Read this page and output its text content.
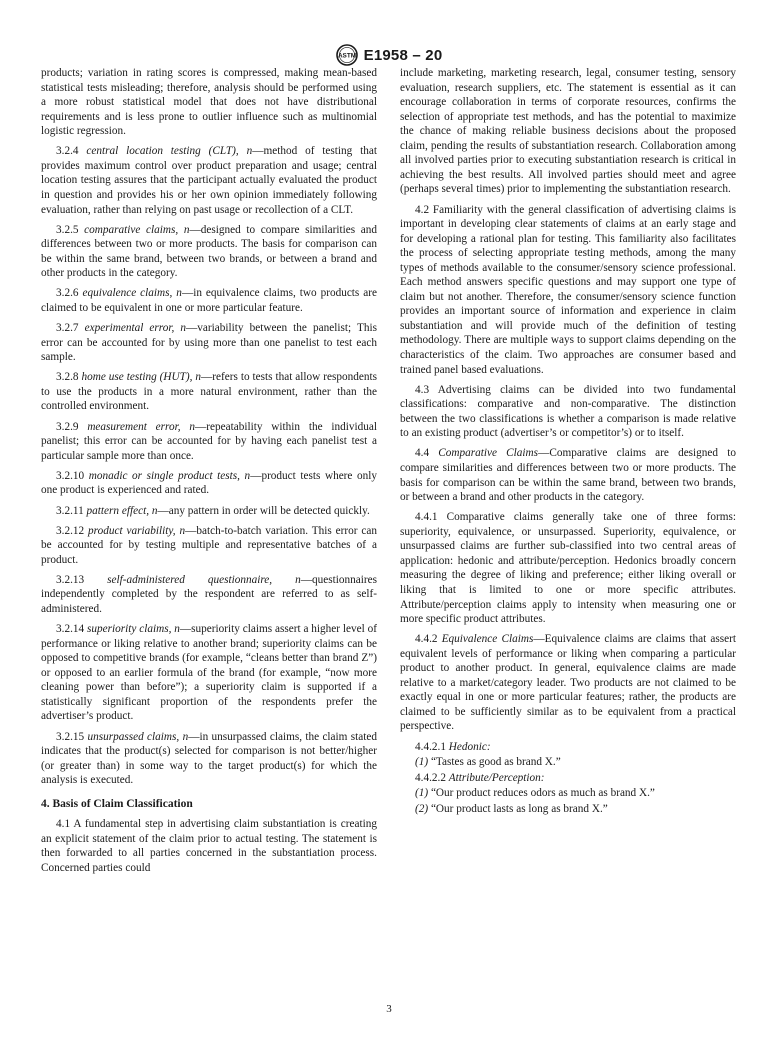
ASTM E1958 – 20

products; variation in rating scores is compressed, making mean-based statistical tests misleading; therefore, analysis should be performed using a more robust statistical model that does not have distributional requirements and is less prone to outlier influence such as multinomial logistic regression.

3.2.4 central location testing (CLT), n—method of testing that provides maximum control over product preparation and usage; central location testing assures that the participant actually evaluated the product in question and provides his or her own opinion immediately following evaluation, rather than relying on past usage or recollection of a CLT.

3.2.5 comparative claims, n—designed to compare similarities and differences between two or more products. The basis for comparison can be within the same brand, between two brands, or between a brand and other products in the category.

3.2.6 equivalence claims, n—in equivalence claims, two products are claimed to be equivalent in one or more particular feature.

3.2.7 experimental error, n—variability between the panelist; This error can be accounted for by using more than one panelist to test each sample.

3.2.8 home use testing (HUT), n—refers to tests that allow respondents to use the products in a more natural environment, rather than the controlled environment.

3.2.9 measurement error, n—repeatability within the individual panelist; this error can be accounted for by having each panelist test a particular sample more than once.

3.2.10 monadic or single product tests, n—product tests where only one product is experienced and rated.

3.2.11 pattern effect, n—any pattern in order will be detected quickly.

3.2.12 product variability, n—batch-to-batch variation. This error can be accounted for by testing multiple and representative batches of a product.

3.2.13 self-administered questionnaire, n—questionnaires independently completed by the respondent are referred to as self-administered.

3.2.14 superiority claims, n—superiority claims assert a higher level of performance or liking relative to another brand; superiority claims can be opposed to competitive brands (for example, “cleans better than brand Z”) or opposed to an earlier formula of the brand (for example, “now more cleaning power than before”); a superiority claim is supported if a statistically significant proportion of the respondents prefer the advertiser’s product.

3.2.15 unsurpassed claims, n—in unsurpassed claims, the claim stated indicates that the product(s) selected for comparison is not better/higher (or greater than) in some way to the target product(s) for which the analysis is executed.

4. Basis of Claim Classification

4.1 A fundamental step in advertising claim substantiation is creating an explicit statement of the claim prior to actual testing. The statement is then forwarded to all parties concerned in the substantiation process. Concerned parties could

include marketing, marketing research, legal, consumer testing, sensory evaluation, research suppliers, etc. The statement is essential as it can encourage collaboration in terms of corporate resources, confirms the selection of appropriate test methods, and has the potential to maximize the chance of making reliable business decisions about the proposed claim, pending the results of substantiation research. Collaboration among all involved parties prior to executing substantiation research is critical in achieving the best results. All involved parties should meet and agree (perhaps several times) prior to implementing the substantiation research.

4.2 Familiarity with the general classification of advertising claims is important in developing clear statements of claims at an early stage and for developing a rational plan for testing. This familiarity also facilitates the process of selecting appropriate testing methods, among the many types of methods available to the consumer/sensory science professional. Each method answers specific questions and may support one type of claim but not another. Therefore, the consumer/sensory science function provides an important source of information and experience in claim substantiation and will provide much of the definition of testing methodology. There are multiple ways to support claims depending on the characteristics of the claim. Two approaches are consumer based and trained panel based evaluations.

4.3 Advertising claims can be divided into two fundamental classifications: comparative and non-comparative. The distinction between the two classifications is whether a comparison is made relative to an existing product (advertiser’s or competitor’s) or to itself.

4.4 Comparative Claims—Comparative claims are designed to compare similarities and differences between two or more products. The basis for comparison can be within the same brand, between two brands, or between a brand and other products in the category.

4.4.1 Comparative claims generally take one of three forms: superiority, equivalence, or unsurpassed. Superiority, equivalence, or unsurpassed claims are further sub-classified into two central areas of application: hedonic and attribute/perception. Hedonics broadly concern measuring the degree of liking and preference; either liking overall or liking that is limited to one or more specific attributes. Attribute/perception claims apply to intensity when measuring one or more specific product attributes.

4.4.2 Equivalence Claims—Equivalence claims are claims that assert equivalent levels of performance or liking when comparing a particular product to another product. In general, equivalence claims are made relative to a market/category leader. Two products are not claimed to be exactly equal in one or more particular features; rather, the products are claimed to be sufficiently similar as to be equivalent from a practical perspective.

4.4.2.1 Hedonic:

(1) “Tastes as good as brand X.”

4.4.2.2 Attribute/Perception:

(1) “Our product reduces odors as much as brand X.”

(2) “Our product lasts as long as brand X.”

3
